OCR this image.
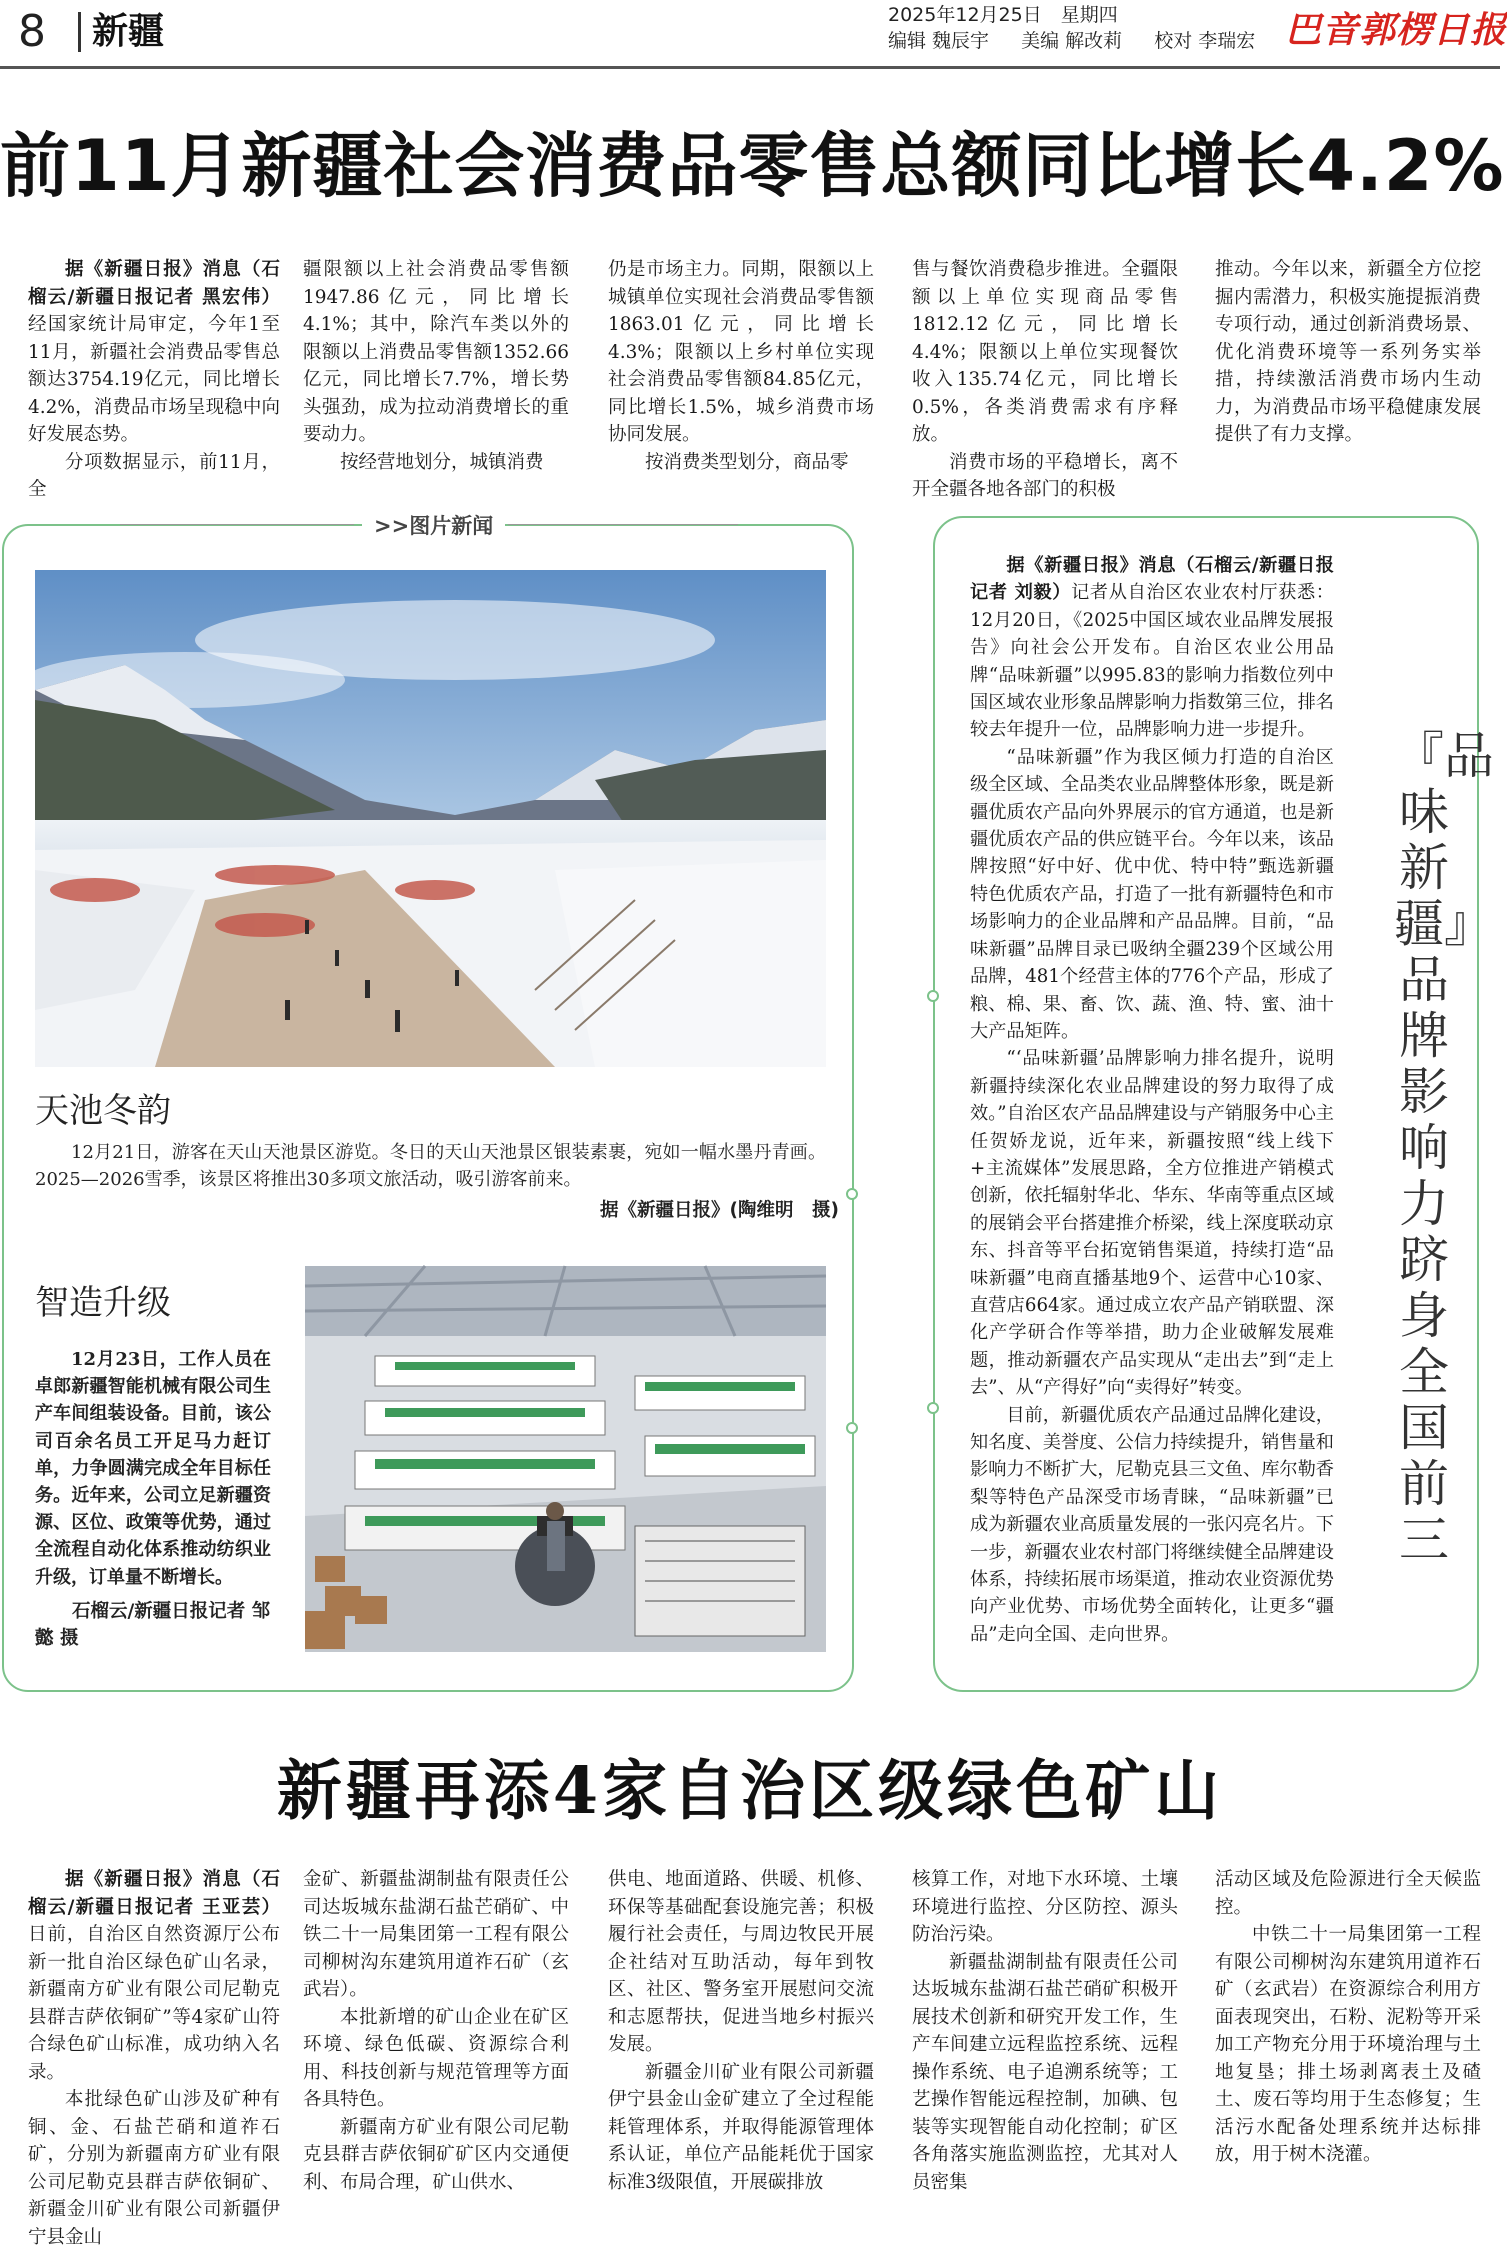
8 新疆	2025年12月25日　星期四
编辑 魏辰宇 美编 解改莉 校对 李瑞宏 巴音郭楞日报
前11月新疆社会消费品零售总额同比增长4.2%

据《新疆日报》消息（石榴云/新疆日报记者 黑宏伟）经国家统计局审定，今年1至11月，新疆社会消费品零售总额达3754.19亿元，同比增长4.2%，消费品市场呈现稳中向好发展态势。

分项数据显示，前11月，全

疆限额以上社会消费品零售额1947.86亿元，同比增长4.1%；其中，除汽车类以外的限额以上消费品零售额1352.66亿元，同比增长7.7%，增长势头强劲，成为拉动消费增长的重要动力。

按经营地划分，城镇消费

仍是市场主力。同期，限额以上城镇单位实现社会消费品零售额1863.01亿元，同比增长4.3%；限额以上乡村单位实现社会消费品零售额84.85亿元，同比增长1.5%，城乡消费市场协同发展。

按消费类型划分，商品零

售与餐饮消费稳步推进。全疆限额以上单位实现商品零售1812.12亿元，同比增长4.4%；限额以上单位实现餐饮收入135.74亿元，同比增长0.5%，各类消费需求有序释放。

消费市场的平稳增长，离不开全疆各地各部门的积极

推动。今年以来，新疆全方位挖掘内需潜力，积极实施提振消费专项行动，通过创新消费场景、优化消费环境等一系列务实举措，持续激活消费市场内生动力，为消费品市场平稳健康发展提供了有力支撑。

>>图片新闻
天池冬韵
12月21日，游客在天山天池景区游览。冬日的天山天池景区银装素裹，宛如一幅水墨丹青画。2025—2026雪季，该景区将推出30多项文旅活动，吸引游客前来。
据《新疆日报》(陶维明　摄)
智造升级
12月23日，工作人员在卓郎新疆智能机械有限公司生产车间组装设备。目前，该公司百余名员工开足马力赶订单，力争圆满完成全年目标任务。近年来，公司立足新疆资源、区位、政策等优势，通过全流程自动化体系推动纺织业升级，订单量不断增长。
石榴云/新疆日报记者 邹懿 摄

据《新疆日报》消息（石榴云/新疆日报记者 刘毅）记者从自治区农业农村厅获悉：12月20日，《2025中国区域农业品牌发展报告》向社会公开发布。自治区农业公用品牌“品味新疆”以995.83的影响力指数位列中国区域农业形象品牌影响力指数第三位，排名较去年提升一位，品牌影响力进一步提升。

“品味新疆”作为我区倾力打造的自治区级全区域、全品类农业品牌整体形象，既是新疆优质农产品向外界展示的官方通道，也是新疆优质农产品的供应链平台。今年以来，该品牌按照“好中好、优中优、特中特”甄选新疆特色优质农产品，打造了一批有新疆特色和市场影响力的企业品牌和产品品牌。目前，“品味新疆”品牌目录已吸纳全疆239个区域公用品牌，481个经营主体的776个产品，形成了粮、棉、果、畜、饮、蔬、渔、特、蜜、油十大产品矩阵。

“‘品味新疆’品牌影响力排名提升，说明新疆持续深化农业品牌建设的努力取得了成效。”自治区农产品品牌建设与产销服务中心主任贺娇龙说，近年来，新疆按照“线上线下+主流媒体”发展思路，全方位推进产销模式创新，依托辐射华北、华东、华南等重点区域的展销会平台搭建推介桥梁，线上深度联动京东、抖音等平台拓宽销售渠道，持续打造“品味新疆”电商直播基地9个、运营中心10家、直营店664家。通过成立农产品产销联盟、深化产学研合作等举措，助力企业破解发展难题，推动新疆农产品实现从“走出去”到“走上去”、从“产得好”向“卖得好”转变。

目前，新疆优质农产品通过品牌化建设，知名度、美誉度、公信力持续提升，销售量和影响力不断扩大，尼勒克县三文鱼、库尔勒香梨等特色产品深受市场青睐，“品味新疆”已成为新疆农业高质量发展的一张闪亮名片。下一步，新疆农业农村部门将继续健全品牌建设体系，持续拓展市场渠道，推动农业资源优势向产业优势、市场优势全面转化，让更多“疆品”走向全国、走向世界。

『品味新疆』品牌影响力跻身全国前三
新疆再添4家自治区级绿色矿山

据《新疆日报》消息（石榴云/新疆日报记者 王亚芸）日前，自治区自然资源厅公布新一批自治区绿色矿山名录，新疆南方矿业有限公司尼勒克县群吉萨依铜矿”等4家矿山符合绿色矿山标准，成功纳入名录。

本批绿色矿山涉及矿种有铜、金、石盐芒硝和道祚石矿，分别为新疆南方矿业有限公司尼勒克县群吉萨依铜矿、新疆金川矿业有限公司新疆伊宁县金山

金矿、新疆盐湖制盐有限责任公司达坂城东盐湖石盐芒硝矿、中铁二十一局集团第一工程有限公司柳树沟东建筑用道祚石矿（玄武岩）。

本批新增的矿山企业在矿区环境、绿色低碳、资源综合利用、科技创新与规范管理等方面各具特色。

新疆南方矿业有限公司尼勒克县群吉萨依铜矿矿区内交通便利、布局合理，矿山供水、

供电、地面道路、供暖、机修、环保等基础配套设施完善；积极履行社会责任，与周边牧民开展企社结对互助活动，每年到牧区、社区、警务室开展慰问交流和志愿帮扶，促进当地乡村振兴发展。

新疆金川矿业有限公司新疆伊宁县金山金矿建立了全过程能耗管理体系，并取得能源管理体系认证，单位产品能耗优于国家标准3级限值，开展碳排放

核算工作，对地下水环境、土壤环境进行监控、分区防控、源头防治污染。

新疆盐湖制盐有限责任公司达坂城东盐湖石盐芒硝矿积极开展技术创新和研究开发工作，生产车间建立远程监控系统、远程操作系统、电子追溯系统等；工艺操作智能远程控制，加碘、包装等实现智能自动化控制；矿区各角落实施监测监控，尤其对人员密集

活动区域及危险源进行全天候监控。

中铁二十一局集团第一工程有限公司柳树沟东建筑用道祚石矿（玄武岩）在资源综合利用方面表现突出，石粉、泥粉等开采加工产物充分用于环境治理与土地复垦；排土场剥离表土及碴土、废石等均用于生态修复；生活污水配备处理系统并达标排放，用于树木浇灌。
